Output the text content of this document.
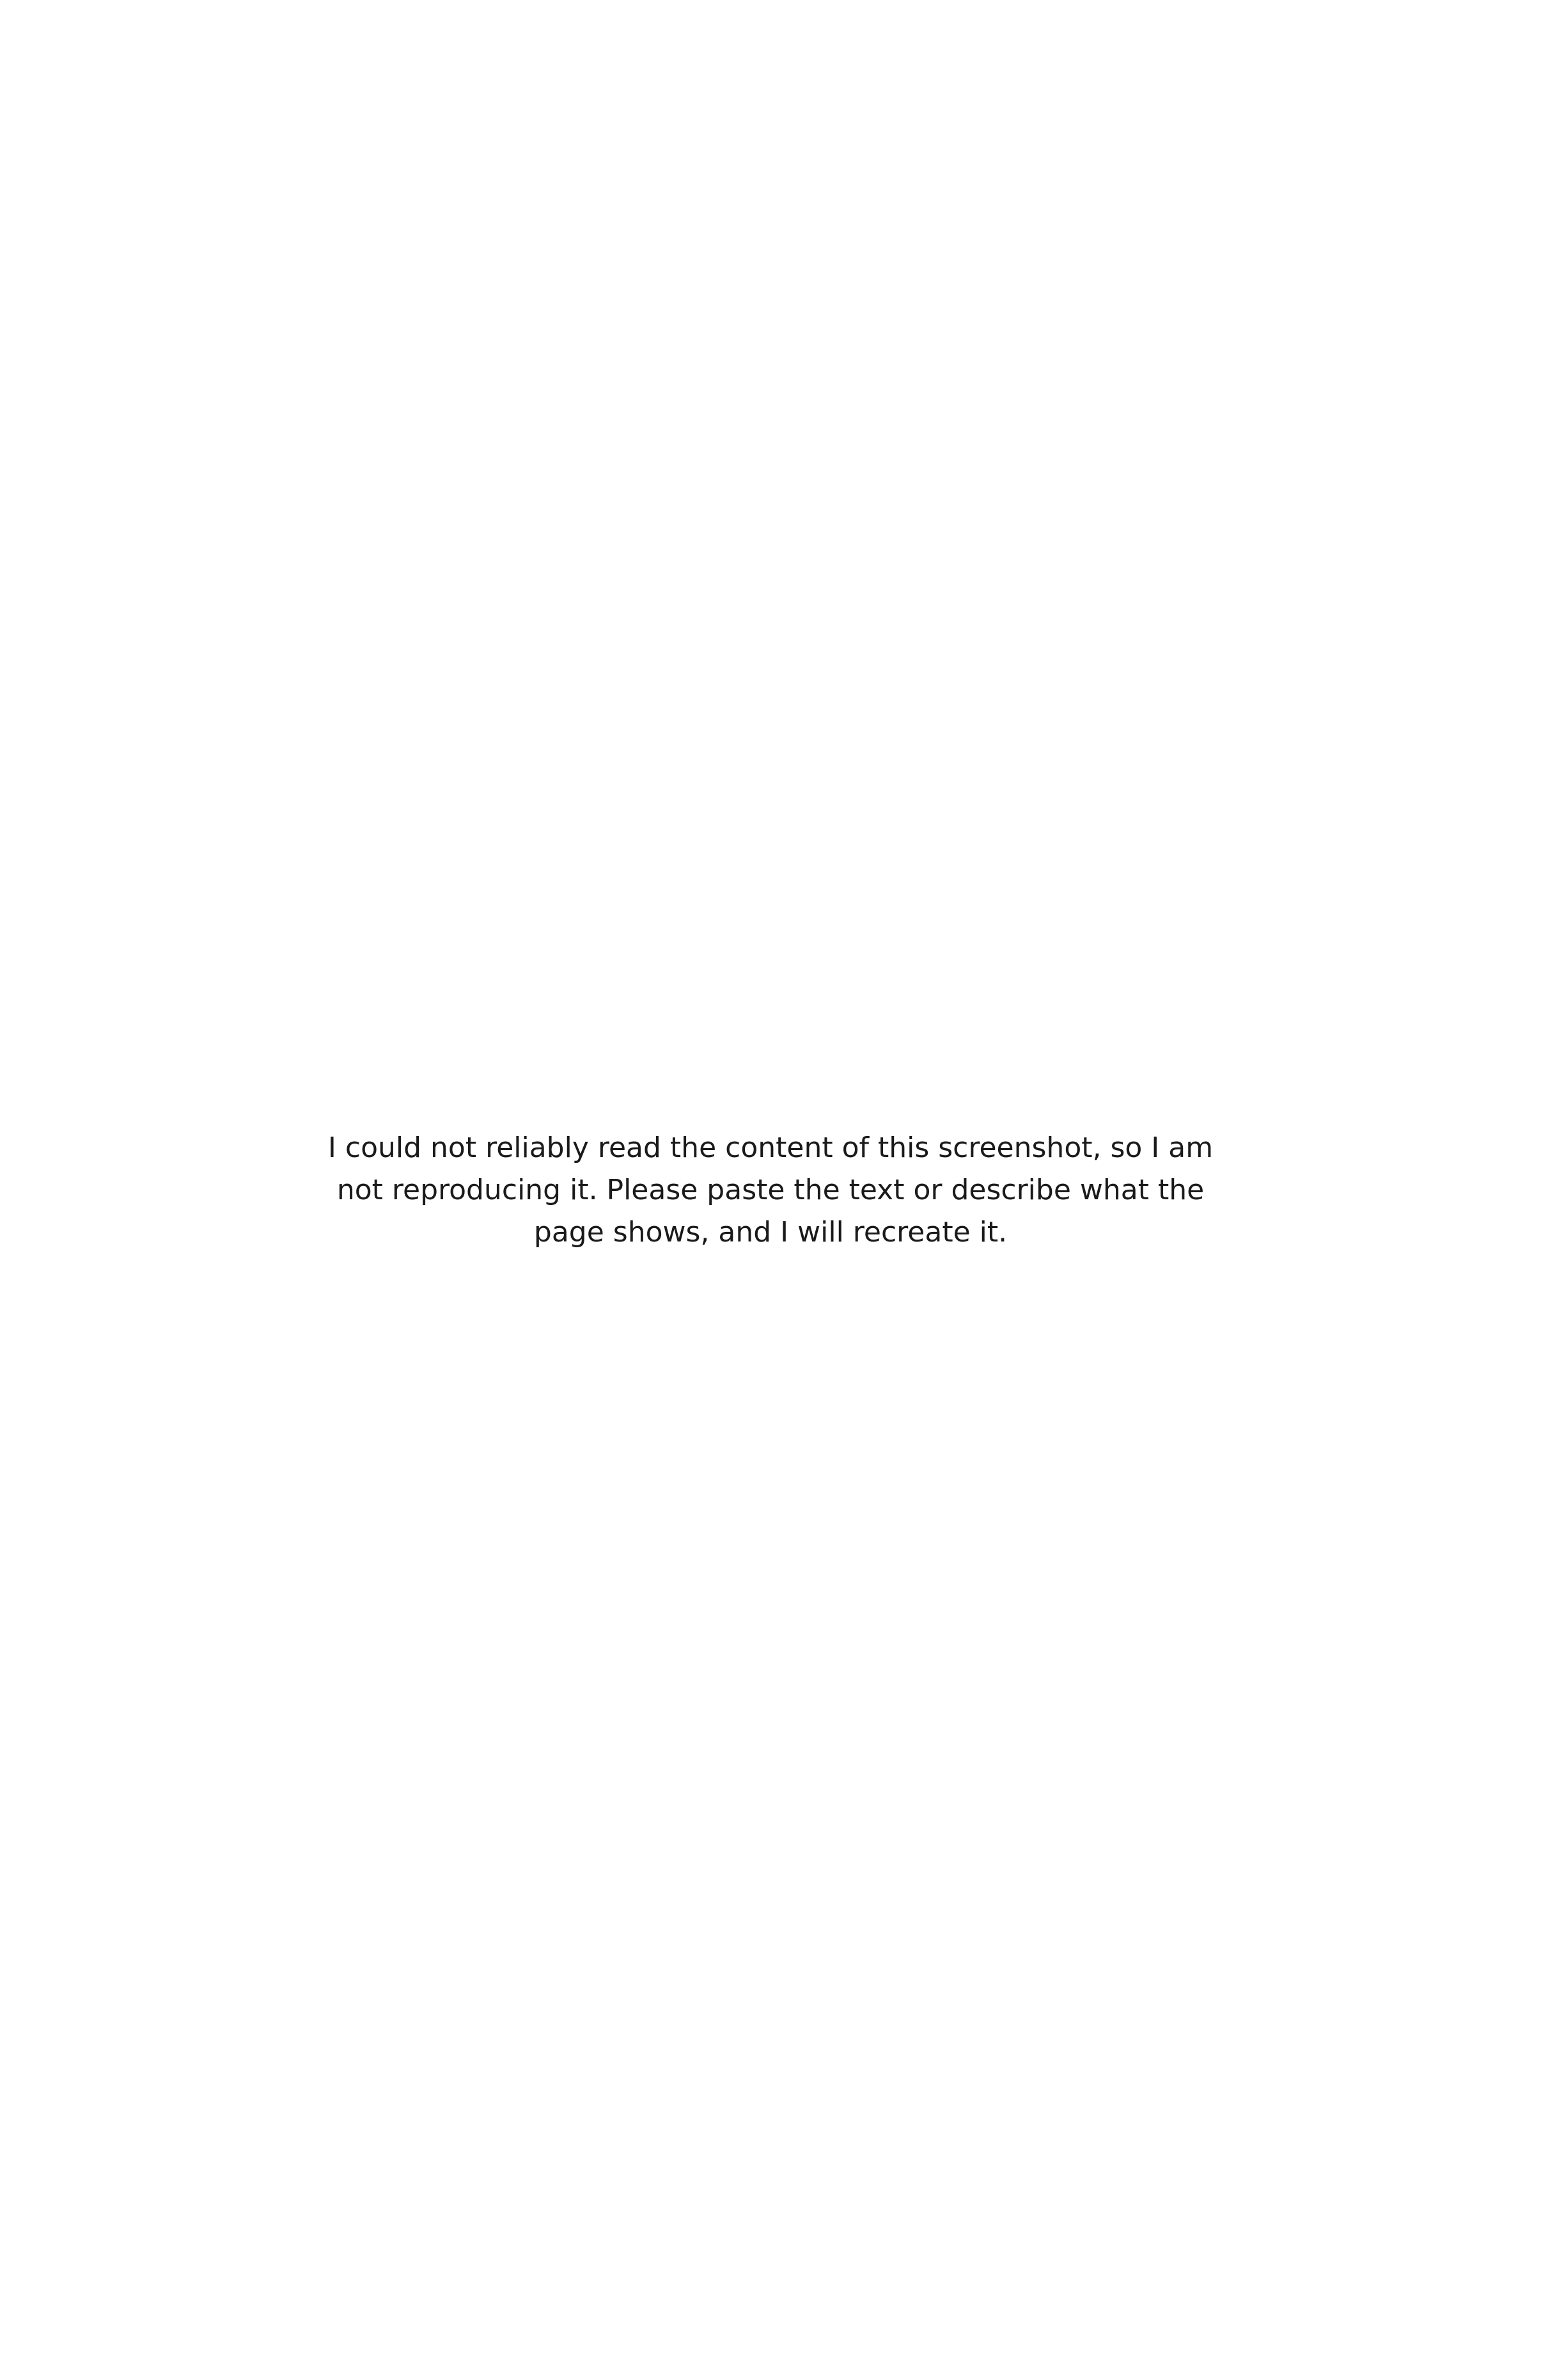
I could not reliably read the content of this screenshot, so I am not reproducing it. Please paste the text or describe what the page shows, and I will recreate it.
